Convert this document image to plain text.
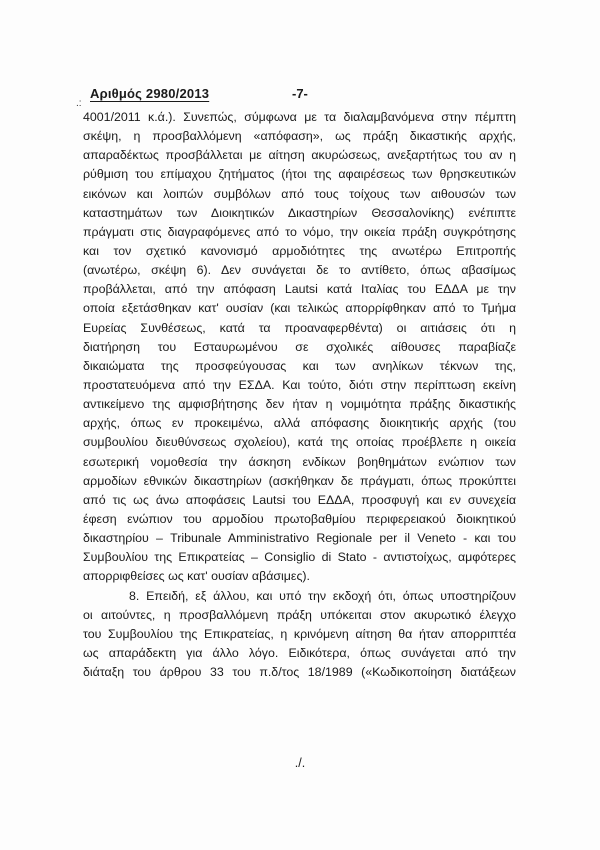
Αριθμός 2980/2013	-7-
.:
4001/2011 κ.ά.). Συνεπώς, σύμφωνα με τα διαλαμβανόμενα στην πέμπτη
σκέψη, η προσβαλλόμενη «απόφαση», ως πράξη δικαστικής αρχής,
απαραδέκτως προσβάλλεται με αίτηση ακυρώσεως, ανεξαρτήτως του αν η
ρύθμιση του επίμαχου ζητήματος (ήτοι της αφαιρέσεως των θρησκευτικών
εικόνων και λοιπών συμβόλων από τους τοίχους των αιθουσών των
καταστημάτων των Διοικητικών Δικαστηρίων Θεσσαλονίκης) ενέπιπτε
πράγματι στις διαγραφόμενες από το νόμο, την οικεία πράξη συγκρότησης
και τον σχετικό κανονισμό αρμοδιότητες της ανωτέρω Επιτροπής
(ανωτέρω, σκέψη 6). Δεν συνάγεται δε το αντίθετο, όπως αβασίμως
προβάλλεται, από την απόφαση Lautsi κατά Ιταλίας του ΕΔΔΑ με την
οποία εξετάσθηκαν κατ' ουσίαν (και τελικώς απορρίφθηκαν από το Τμήμα
Ευρείας Συνθέσεως, κατά τα προαναφερθέντα) οι αιτιάσεις ότι η
διατήρηση του Εσταυρωμένου σε σχολικές αίθουσες παραβίαζε
δικαιώματα της προσφεύγουσας και των ανηλίκων τέκνων της,
προστατευόμενα από την ΕΣΔΑ. Και τούτο, διότι στην περίπτωση εκείνη
αντικείμενο της αμφισβήτησης δεν ήταν η νομιμότητα πράξης δικαστικής
αρχής, όπως εν προκειμένω, αλλά απόφασης διοικητικής αρχής (του
συμβουλίου διευθύνσεως σχολείου), κατά της οποίας προέβλεπε η οικεία
εσωτερική νομοθεσία την άσκηση ενδίκων βοηθημάτων ενώπιον των
αρμοδίων εθνικών δικαστηρίων (ασκήθηκαν δε πράγματι, όπως προκύπτει
από τις ως άνω αποφάσεις Lautsi του ΕΔΔΑ, προσφυγή και εν συνεχεία
έφεση ενώπιον του αρμοδίου πρωτοβαθμίου περιφερειακού διοικητικού
δικαστηρίου – Tribunale Amministrativo Regionale per il Veneto - και του
Συμβουλίου της Επικρατείας – Consiglio di Stato - αντιστοίχως, αμφότερες
απορριφθείσες ως κατ' ουσίαν αβάσιμες).
8. Επειδή, εξ άλλου, και υπό την εκδοχή ότι, όπως υποστηρίζουν
οι αιτούντες, η προσβαλλόμενη πράξη υπόκειται στον ακυρωτικό έλεγχο
του Συμβουλίου της Επικρατείας, η κρινόμενη αίτηση θα ήταν απορριπτέα
ως απαράδεκτη για άλλο λόγο. Ειδικότερα, όπως συνάγεται από την
διάταξη του άρθρου 33 του π.δ/τος 18/1989 («Κωδικοποίηση διατάξεων
./.
